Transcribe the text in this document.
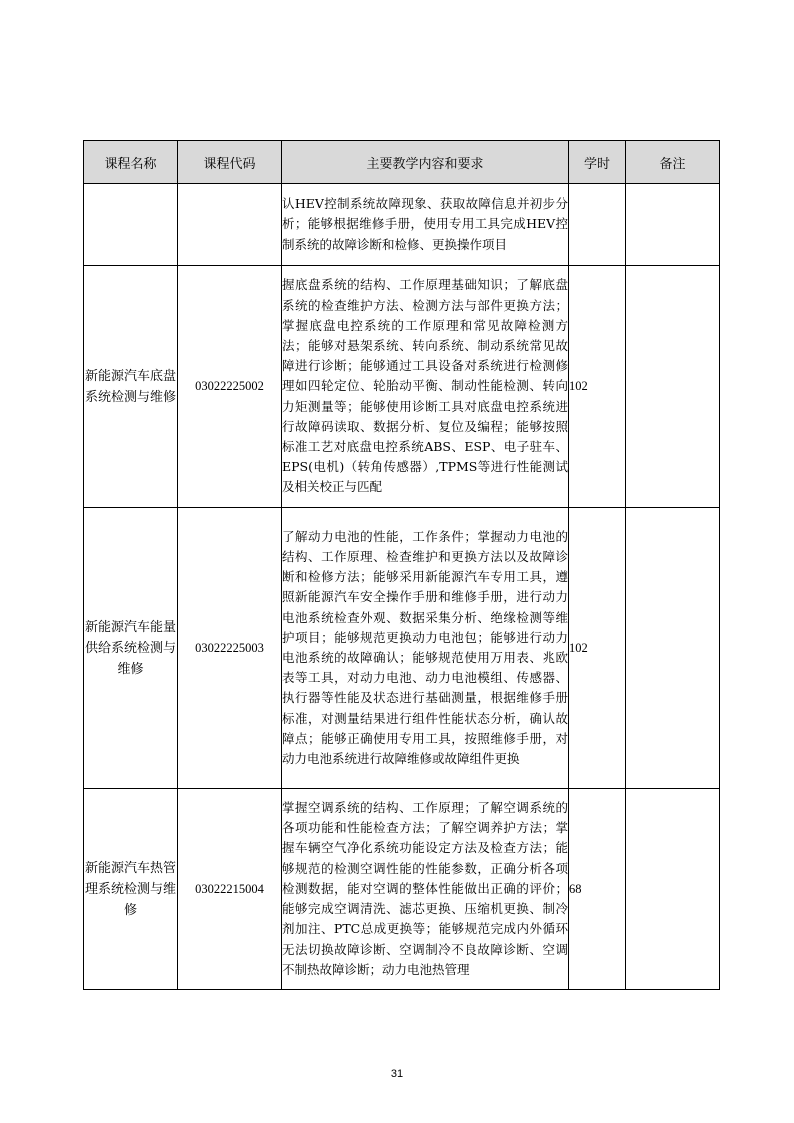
课程名称	课程代码	主要教学内容和要求	学时	备注
		认HEV控制系统故障现象、获取故障信息并初步分析；能够根据维修手册，使用专用工具完成HEV控制系统的故障诊断和检修、更换操作项目		
新能源汽车底盘系统检测与维修	03022225002	握底盘系统的结构、工作原理基础知识；了解底盘系统的检查维护方法、检测方法与部件更换方法；掌握底盘电控系统的工作原理和常见故障检测方法；能够对悬架系统、转向系统、制动系统常见故障进行诊断；能够通过工具设备对系统进行检测修理如四轮定位、轮胎动平衡、制动性能检测、转向力矩测量等；能够使用诊断工具对底盘电控系统进行故障码读取、数据分析、复位及编程；能够按照标准工艺对底盘电控系统ABS、ESP、电子驻车、EPS(电机)（转角传感器）,TPMS等进行性能测试及相关校正与匹配	102	
新能源汽车能量供给系统检测与维修	03022225003	了解动力电池的性能，工作条件；掌握动力电池的结构、工作原理、检查维护和更换方法以及故障诊断和检修方法；能够采用新能源汽车专用工具，遵照新能源汽车安全操作手册和维修手册，进行动力电池系统检查外观、数据采集分析、绝缘检测等维护项目；能够规范更换动力电池包；能够进行动力电池系统的故障确认；能够规范使用万用表、兆欧表等工具，对动力电池、动力电池模组、传感器、执行器等性能及状态进行基础测量，根据维修手册标准，对测量结果进行组件性能状态分析，确认故障点；能够正确使用专用工具，按照维修手册，对动力电池系统进行故障维修或故障组件更换	102	
新能源汽车热管理系统检测与维修	03022215004	掌握空调系统的结构、工作原理；了解空调系统的各项功能和性能检查方法；了解空调养护方法；掌握车辆空气净化系统功能设定方法及检查方法；能够规范的检测空调性能的性能参数，正确分析各项检测数据，能对空调的整体性能做出正确的评价；能够完成空调清洗、滤芯更换、压缩机更换、制冷剂加注、PTC总成更换等；能够规范完成内外循环无法切换故障诊断、空调制冷不良故障诊断、空调不制热故障诊断；动力电池热管理	68	
31
